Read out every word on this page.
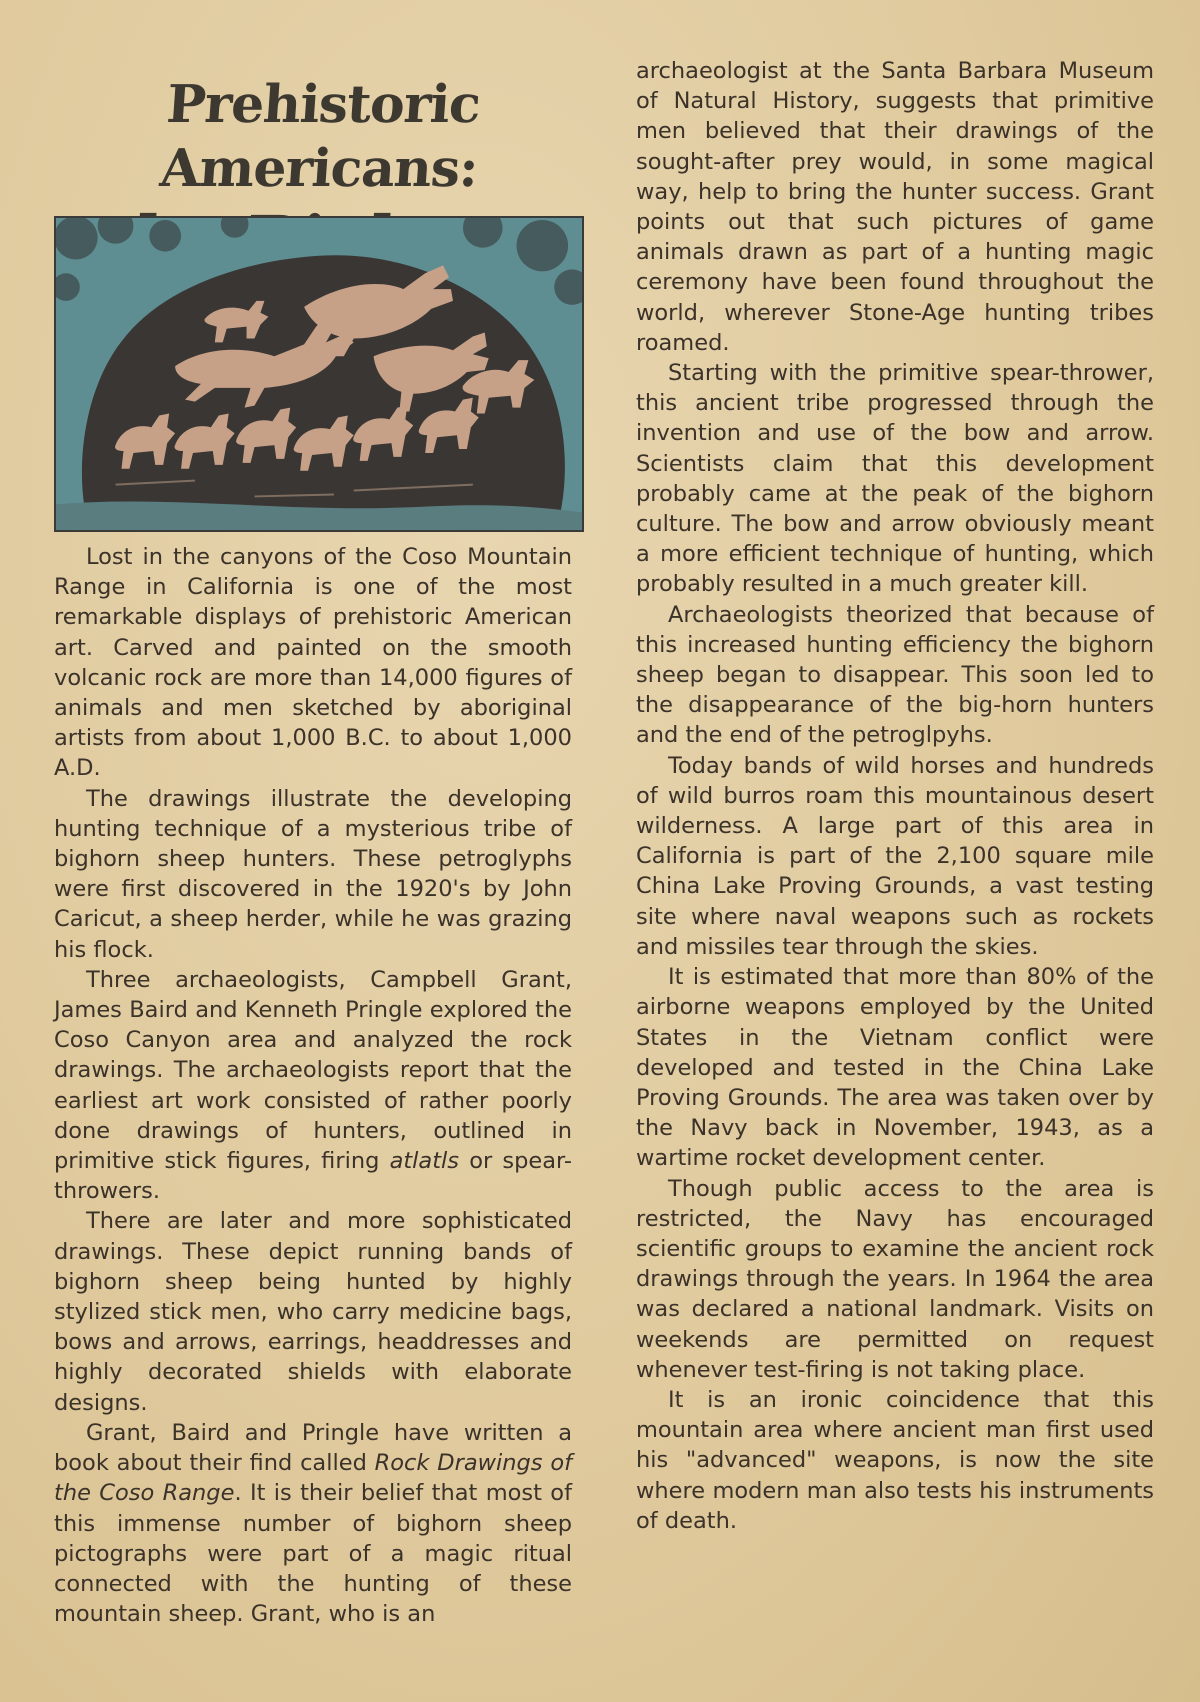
Prehistoric Americans:

Lost in the canyons of the Coso Mountain Range in California is one of the most remarkable displays of prehistoric American art. Carved and painted on the smooth volcanic rock are more than 14,000 figures of animals and men sketched by aboriginal artists from about 1,000 B.C. to about 1,000 A.D.

The drawings illustrate the developing hunting technique of a mysterious tribe of bighorn sheep hunters. These petroglyphs were first discovered in the 1920's by John Caricut, a sheep herder, while he was grazing his flock.

Three archaeologists, Campbell Grant, James Baird and Kenneth Pringle explored the Coso Canyon area and analyzed the rock drawings. The archaeologists report that the earliest art work consisted of rather poorly done drawings of hunters, outlined in primitive stick figures, firing atlatls or spear-throwers.

There are later and more sophisticated drawings. These depict running bands of bighorn sheep being hunted by highly stylized stick men, who carry medicine bags, bows and arrows, earrings, headdresses and highly decorated shields with elaborate designs.

Grant, Baird and Pringle have written a book about their find called Rock Drawings of the Coso Range. It is their belief that most of this immense number of bighorn sheep pictographs were part of a magic ritual connected with the hunting of these mountain sheep. Grant, who is an

archaeologist at the Santa Barbara Museum of Natural History, suggests that primitive men believed that their drawings of the sought-after prey would, in some magical way, help to bring the hunter success. Grant points out that such pictures of game animals drawn as part of a hunting magic ceremony have been found throughout the world, wherever Stone-Age hunting tribes roamed.

Starting with the primitive spear-thrower, this ancient tribe progressed through the invention and use of the bow and arrow. Scientists claim that this development probably came at the peak of the bighorn culture. The bow and arrow obviously meant a more efficient technique of hunting, which probably resulted in a much greater kill.

Archaeologists theorized that because of this increased hunting efficiency the bighorn sheep began to disappear. This soon led to the disappearance of the big-horn hunters and the end of the petroglpyhs.

Today bands of wild horses and hundreds of wild burros roam this mountainous desert wilderness. A large part of this area in California is part of the 2,100 square mile China Lake Proving Grounds, a vast testing site where naval weapons such as rockets and missiles tear through the skies.

It is estimated that more than 80% of the airborne weapons employed by the United States in the Vietnam conflict were developed and tested in the China Lake Proving Grounds. The area was taken over by the Navy back in November, 1943, as a wartime rocket development center.

Though public access to the area is restricted, the Navy has encouraged scientific groups to examine the ancient rock drawings through the years. In 1964 the area was declared a national landmark. Visits on weekends are permitted on request whenever test-firing is not taking place.

It is an ironic coincidence that this mountain area where ancient man first used his "advanced" weapons, is now the site where modern man also tests his instruments of death.
